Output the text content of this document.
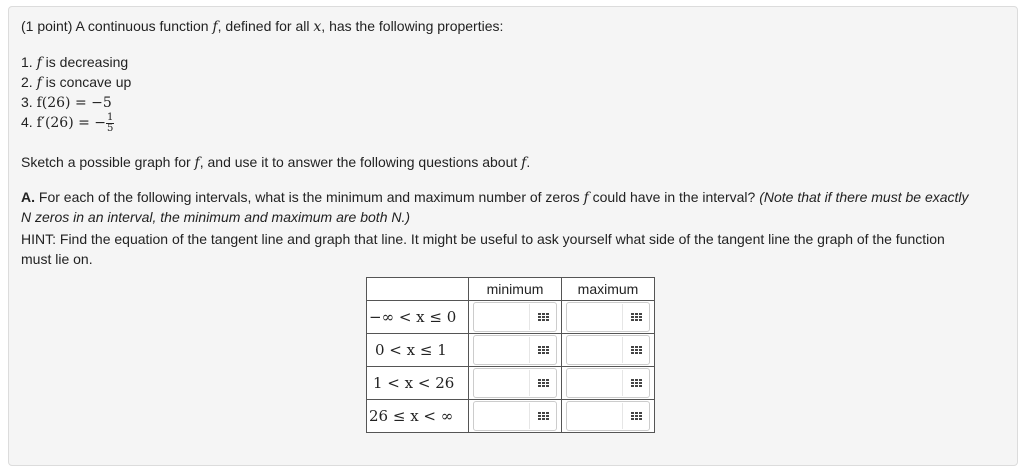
(1 point) A continuous function f, defined for all x, has the following properties:
1. f is decreasing
2. f is concave up
3. f(26) = −5
4. f′(26) = − $\frac{1}{5}$
Sketch a possible graph for f, and use it to answer the following questions about f.
A. For each of the following intervals, what is the minimum and maximum number of zeros f could have in the interval? (Note that if there must be exactly
N zeros in an interval, the minimum and maximum are both N.)
HINT: Find the equation of the tangent line and graph that line. It might be useful to ask yourself what side of the tangent line the graph of the function
must lie on.
	minimum	maximum
−∞ < x ≤ 0	

0 < x ≤ 1	

1 < x < 26	

26 ≤ x < ∞	
